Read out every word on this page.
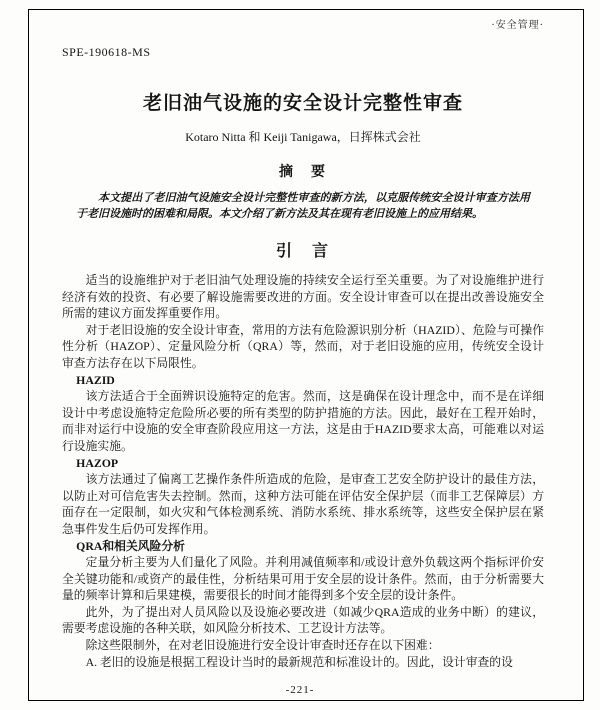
·安全管理·
SPE-190618-MS
老旧油气设施的安全设计完整性审查
Kotaro Nitta 和 Keiji Tanigawa，日挥株式会社
摘　要

本文提出了老旧油气设施安全设计完整性审查的新方法，以克服传统安全设计审查方法用于老旧设施时的困难和局限。本文介绍了新方法及其在现有老旧设施上的应用结果。

引　言

适当的设施维护对于老旧油气处理设施的持续安全运行至关重要。为了对设施维护进行经济有效的投资、有必要了解设施需要改进的方面。安全设计审查可以在提出改善设施安全所需的建议方面发挥重要作用。

对于老旧设施的安全设计审查，常用的方法有危险源识别分析（HAZID）、危险与可操作性分析（HAZOP）、定量风险分析（QRA）等，然而，对于老旧设施的应用，传统安全设计审查方法存在以下局限性。

HAZID

该方法适合于全面辨识设施特定的危害。然而，这是确保在设计理念中，而不是在详细设计中考虑设施特定危险所必要的所有类型的防护措施的方法。因此，最好在工程开始时，而非对运行中设施的安全审查阶段应用这一方法，这是由于HAZID要求太高，可能难以对运行设施实施。

HAZOP

该方法通过了偏离工艺操作条件所造成的危险，是审查工艺安全防护设计的最佳方法，以防止对可信危害失去控制。然而，这种方法可能在评估安全保护层（而非工艺保障层）方面存在一定限制，如火灾和气体检测系统、消防水系统、排水系统等，这些安全保护层在紧急事件发生后仍可发挥作用。

QRA和相关风险分析

定量分析主要为人们量化了风险。并利用减值频率和/或设计意外负载这两个指标评价安全关键功能和/或资产的最佳性，分析结果可用于安全层的设计条件。然而，由于分析需要大量的频率计算和后果建模，需要很长的时间才能得到多个安全层的设计条件。

此外，为了提出对人员风险以及设施必要改进（如减少QRA造成的业务中断）的建议，需要考虑设施的各种关联，如风险分析技术、工艺设计方法等。

除这些限制外，在对老旧设施进行安全设计审查时还存在以下困难：

A. 老旧的设施是根据工程设计当时的最新规范和标准设计的。因此，设计审查的设

-221-
